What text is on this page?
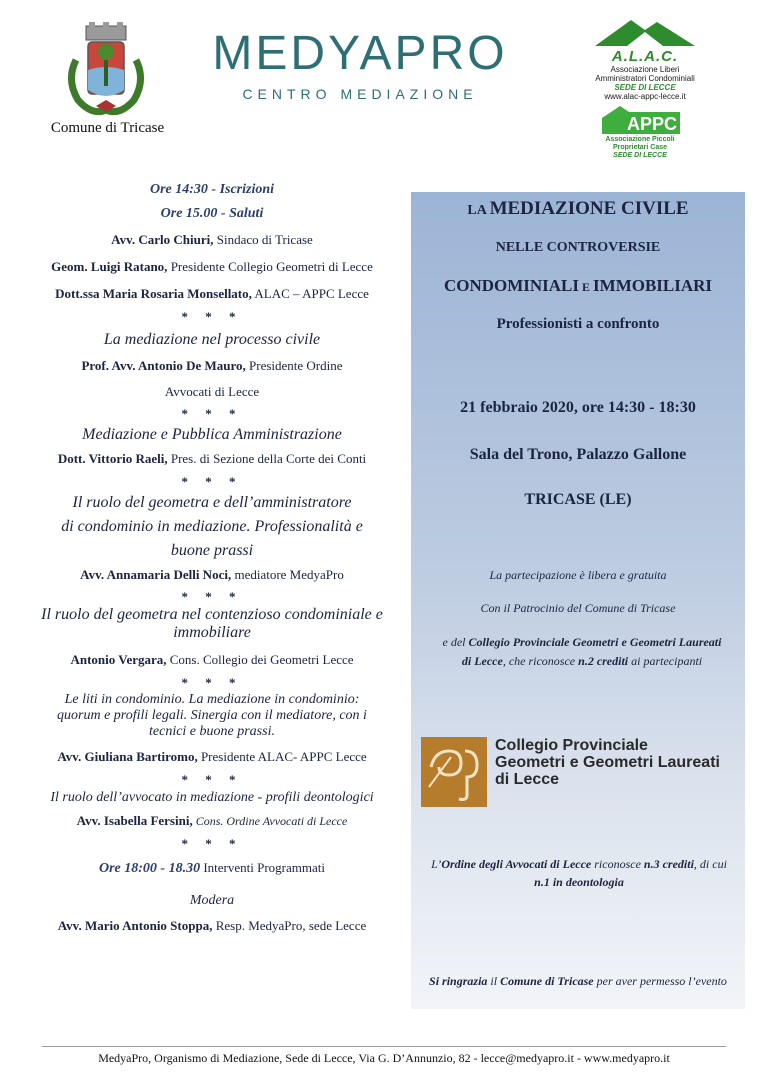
Comune di Tricase
MEDYAPRO
CENTRO MEDIAZIONE
A.L.A.C.
Associazione Liberi
Amministratori Condominiali
SEDE DI LECCE
www.alac-appc-lecce.it
APPC
Associazione Piccoli
Proprietari Case
SEDE DI LECCE
Ore 14:30 - Iscrizioni
Ore 15.00 - Saluti
Avv. Carlo Chiuri, Sindaco di Tricase
Geom. Luigi Ratano, Presidente Collegio Geometri di Lecce
Dott.ssa Maria Rosaria Monsellato, ALAC – APPC Lecce
* * *
La mediazione nel processo civile
Prof. Avv. Antonio De Mauro, Presidente Ordine
Avvocati di Lecce
* * *
Mediazione e Pubblica Amministrazione
Dott. Vittorio Raeli, Pres. di Sezione della Corte dei Conti
* * *
Il ruolo del geometra e dell’amministratore
di condominio in mediazione. Professionalità e
buone prassi
Avv. Annamaria Delli Noci, mediatore MedyaPro
* * *
Il ruolo del geometra nel contenzioso condominiale e
immobiliare
Antonio Vergara, Cons. Collegio dei Geometri Lecce
* * *
Le liti in condominio. La mediazione in condominio:
quorum e profili legali. Sinergia con il mediatore, con i
tecnici e buone prassi.
Avv. Giuliana Bartiromo, Presidente ALAC- APPC Lecce
* * *
Il ruolo dell’avvocato in mediazione - profili deontologici
Avv. Isabella Fersini, Cons. Ordine Avvocati di Lecce
* * *
Ore 18:00 - 18.30 Interventi Programmati
Modera
Avv. Mario Antonio Stoppa, Resp. MedyaPro, sede Lecce
LA MEDIAZIONE CIVILE
NELLE CONTROVERSIE
CONDOMINIALI E IMMOBILIARI
Professionisti a confronto
21 febbraio 2020, ore 14:30 - 18:30
Sala del Trono, Palazzo Gallone
TRICASE (LE)
La partecipazione è libera e gratuita
Con il Patrocinio del Comune di Tricase
e del Collegio Provinciale Geometri e Geometri Laureati di Lecce, che riconosce n.2 crediti ai partecipanti
L’Ordine degli Avvocati di Lecce riconosce n.3 crediti, di cui n.1 in deontologia
Si ringrazia il Comune di Tricase per aver permesso l’evento
Collegio Provinciale
Geometri e Geometri Laureati
di Lecce
MedyaPro, Organismo di Mediazione, Sede di Lecce, Via G. D’Annunzio, 82 - lecce@medyapro.it - www.medyapro.it
